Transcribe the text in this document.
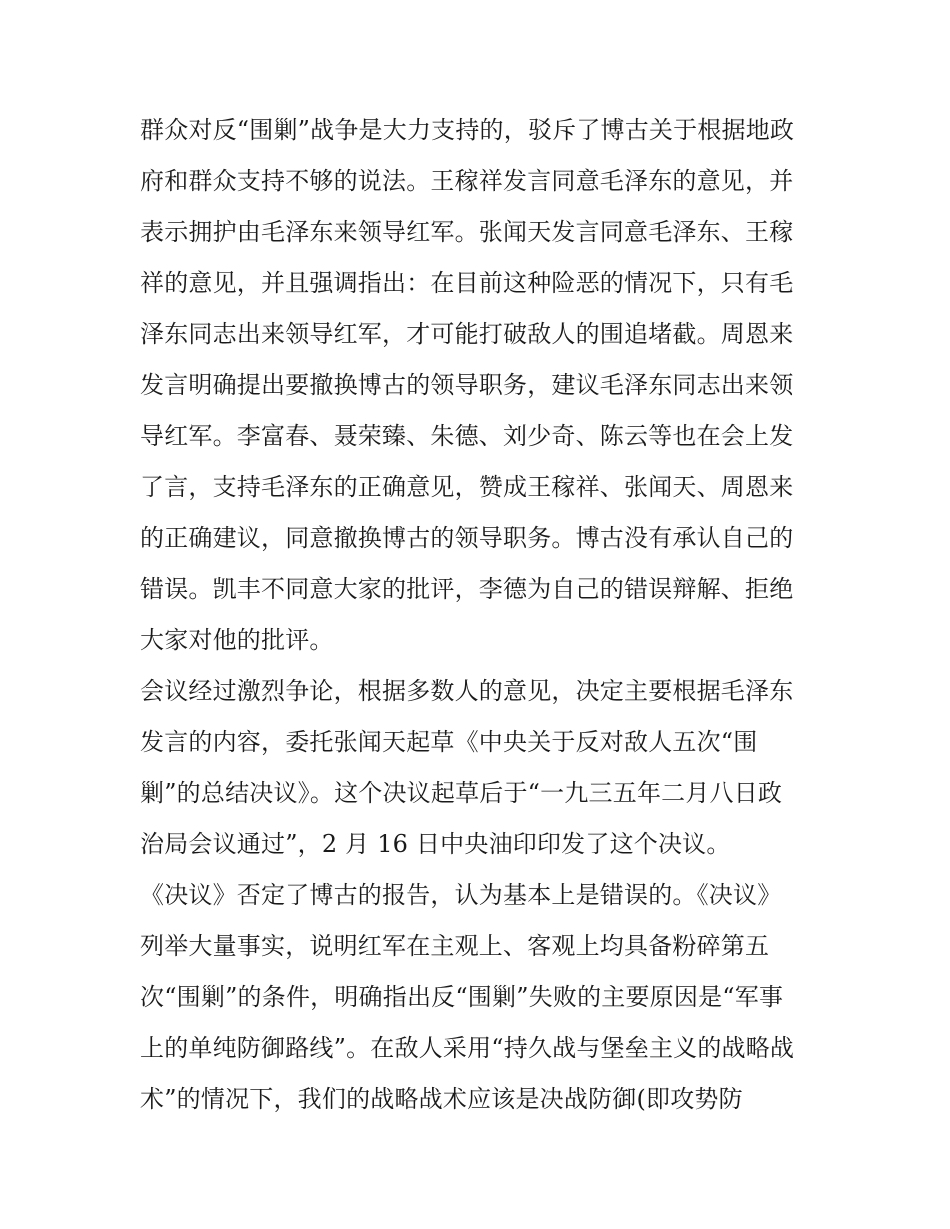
群众对反“围剿”战争是大力支持的，驳斥了博古关于根据地政
府和群众支持不够的说法。王稼祥发言同意毛泽东的意见，并
表示拥护由毛泽东来领导红军。张闻天发言同意毛泽东、王稼
祥的意见，并且强调指出：在目前这种险恶的情况下，只有毛
泽东同志出来领导红军，才可能打破敌人的围追堵截。周恩来
发言明确提出要撤换博古的领导职务，建议毛泽东同志出来领
导红军。李富春、聂荣臻、朱德、刘少奇、陈云等也在会上发
了言，支持毛泽东的正确意见，赞成王稼祥、张闻天、周恩来
的正确建议，同意撤换博古的领导职务。博古没有承认自己的
错误。凯丰不同意大家的批评，李德为自己的错误辩解、拒绝
大家对他的批评。
会议经过激烈争论，根据多数人的意见，决定主要根据毛泽东
发言的内容，委托张闻天起草《中央关于反对敌人五次“围
剿”的总结决议》。这个决议起草后于“一九三五年二月八日政
治局会议通过”，2 月 16 日中央油印印发了这个决议。
《决议》否定了博古的报告，认为基本上是错误的。《决议》
列举大量事实，说明红军在主观上、客观上均具备粉碎第五
次“围剿”的条件，明确指出反“围剿”失败的主要原因是“军事
上的单纯防御路线”。在敌人采用“持久战与堡垒主义的战略战
术”的情况下，我们的战略战术应该是决战防御(即攻势防
